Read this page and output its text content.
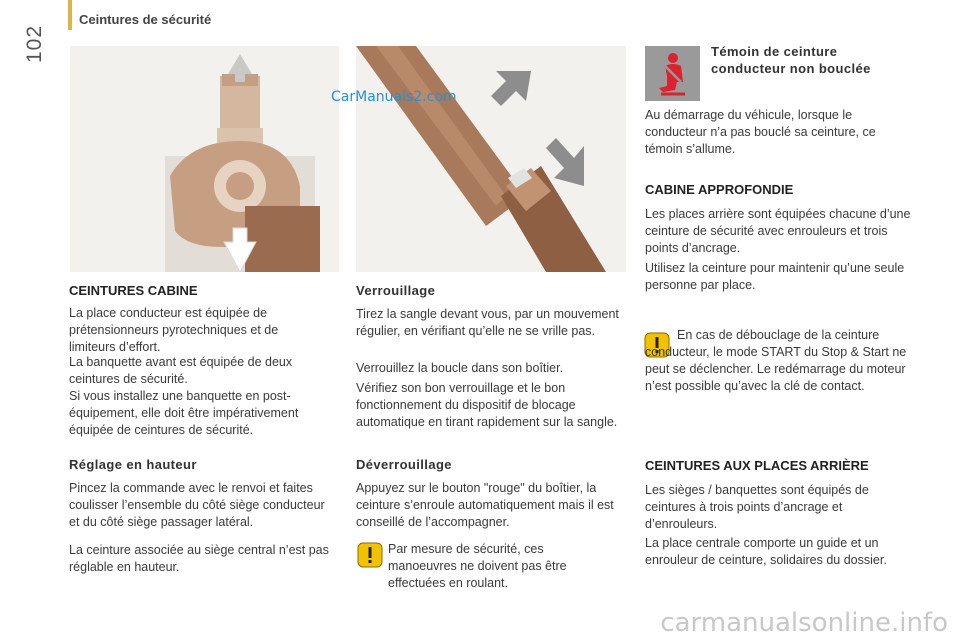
102
Ceintures de sécurité
CarManuals2.com
CEINTURES CABINE
La place conducteur est équipée de prétensionneurs pyrotechniques et de limiteurs d’effort.
La banquette avant est équipée de deux ceintures de sécurité.
Si vous installez une banquette en post-équipement, elle doit être impérativement équipée de ceintures de sécurité.
Réglage en hauteur
Pincez la commande avec le renvoi et faites coulisser l’ensemble du côté siège conducteur et du côté siège passager latéral.
La ceinture associée au siège central n’est pas réglable en hauteur.
Verrouillage
Tirez la sangle devant vous, par un mouvement régulier, en vérifiant qu’elle ne se vrille pas.
Verrouillez la boucle dans son boîtier.
Vérifiez son bon verrouillage et le bon fonctionnement du dispositif de blocage automatique en tirant rapidement sur la sangle.
Déverrouillage
Appuyez sur le bouton "rouge" du boîtier, la ceinture s’enroule automatiquement mais il est conseillé de l’accompagner.
Par mesure de sécurité, ces manoeuvres ne doivent pas être effectuées en roulant.
Témoin de ceinture
conducteur non bouclée
Au démarrage du véhicule, lorsque le conducteur n’a pas bouclé sa ceinture, ce témoin s’allume.
CABINE APPROFONDIE
Les places arrière sont équipées chacune d’une ceinture de sécurité avec enrouleurs et trois points d’ancrage.
Utilisez la ceinture pour maintenir qu’une seule personne par place.
En cas de débouclage de la ceinture conducteur, le mode START du Stop & Start ne peut se déclencher. Le redémarrage du moteur n’est possible qu’avec la clé de contact.
CEINTURES AUX PLACES ARRIÈRE
Les sièges / banquettes sont équipés de ceintures à trois points d’ancrage et d’enrouleurs.
La place centrale comporte un guide et un enrouleur de ceinture, solidaires du dossier.
carmanualsonline.info
